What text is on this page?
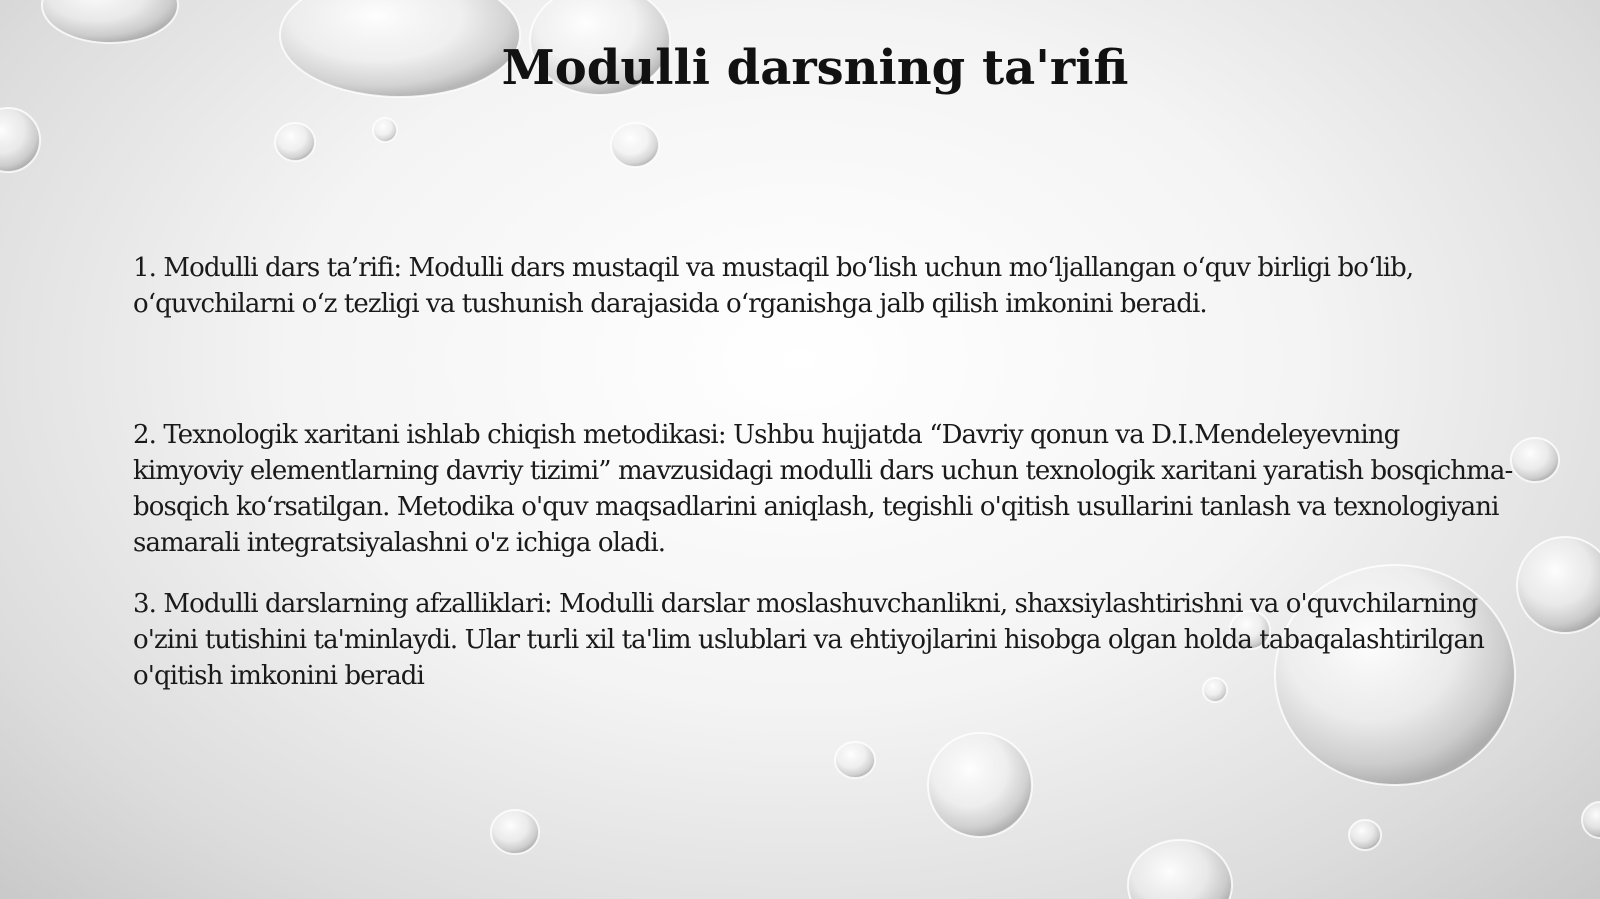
Modulli darsning ta'rifi

1. Modulli dars ta’rifi: Modulli dars mustaqil va mustaqil bo‘lish uchun mo‘ljallangan o‘quv birligi bo‘lib, o‘quvchilarni o‘z tezligi va tushunish darajasida o‘rganishga jalb qilish imkonini beradi.

2. Texnologik xaritani ishlab chiqish metodikasi: Ushbu hujjatda “Davriy qonun va D.I.Mendeleyevning kimyoviy elementlarning davriy tizimi” mavzusidagi modulli dars uchun texnologik xaritani yaratish bosqichma-bosqich ko‘rsatilgan. Metodika o'quv maqsadlarini aniqlash, tegishli o'qitish usullarini tanlash va texnologiyani samarali integratsiyalashni o'z ichiga oladi.

3. Modulli darslarning afzalliklari: Modulli darslar moslashuvchanlikni, shaxsiylashtirishni va o'quvchilarning o'zini tutishini ta'minlaydi. Ular turli xil ta'lim uslublari va ehtiyojlarini hisobga olgan holda tabaqalashtirilgan o'qitish imkonini beradi
